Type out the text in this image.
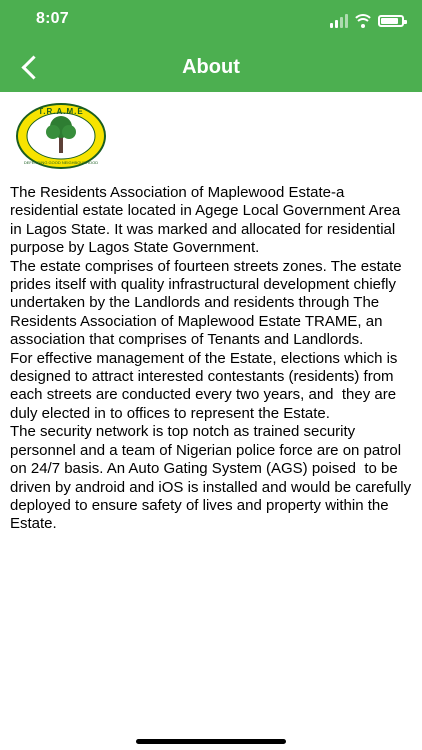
8:07
About
T.R.A.M.E
DEFENDING GOOD NEIGHBOURHOOD
The Residents Association of Maplewood Estate-a residential estate located in Agege Local Government Area in Lagos State. It was marked and allocated for residential purpose by Lagos State Government.
The estate comprises of fourteen streets zones. The estate prides itself with quality infrastructural development chiefly undertaken by the Landlords and residents through The Residents Association of Maplewood Estate TRAME, an association that comprises of Tenants and Landlords.
For effective management of the Estate, elections which is designed to attract interested contestants (residents) from each streets are conducted every two years, and  they are duly elected in to offices to represent the Estate.
The security network is top notch as trained security personnel and a team of Nigerian police force are on patrol on 24/7 basis. An Auto Gating System (AGS) poised  to be driven by android and iOS is installed and would be carefully deployed to ensure safety of lives and property within the Estate.
